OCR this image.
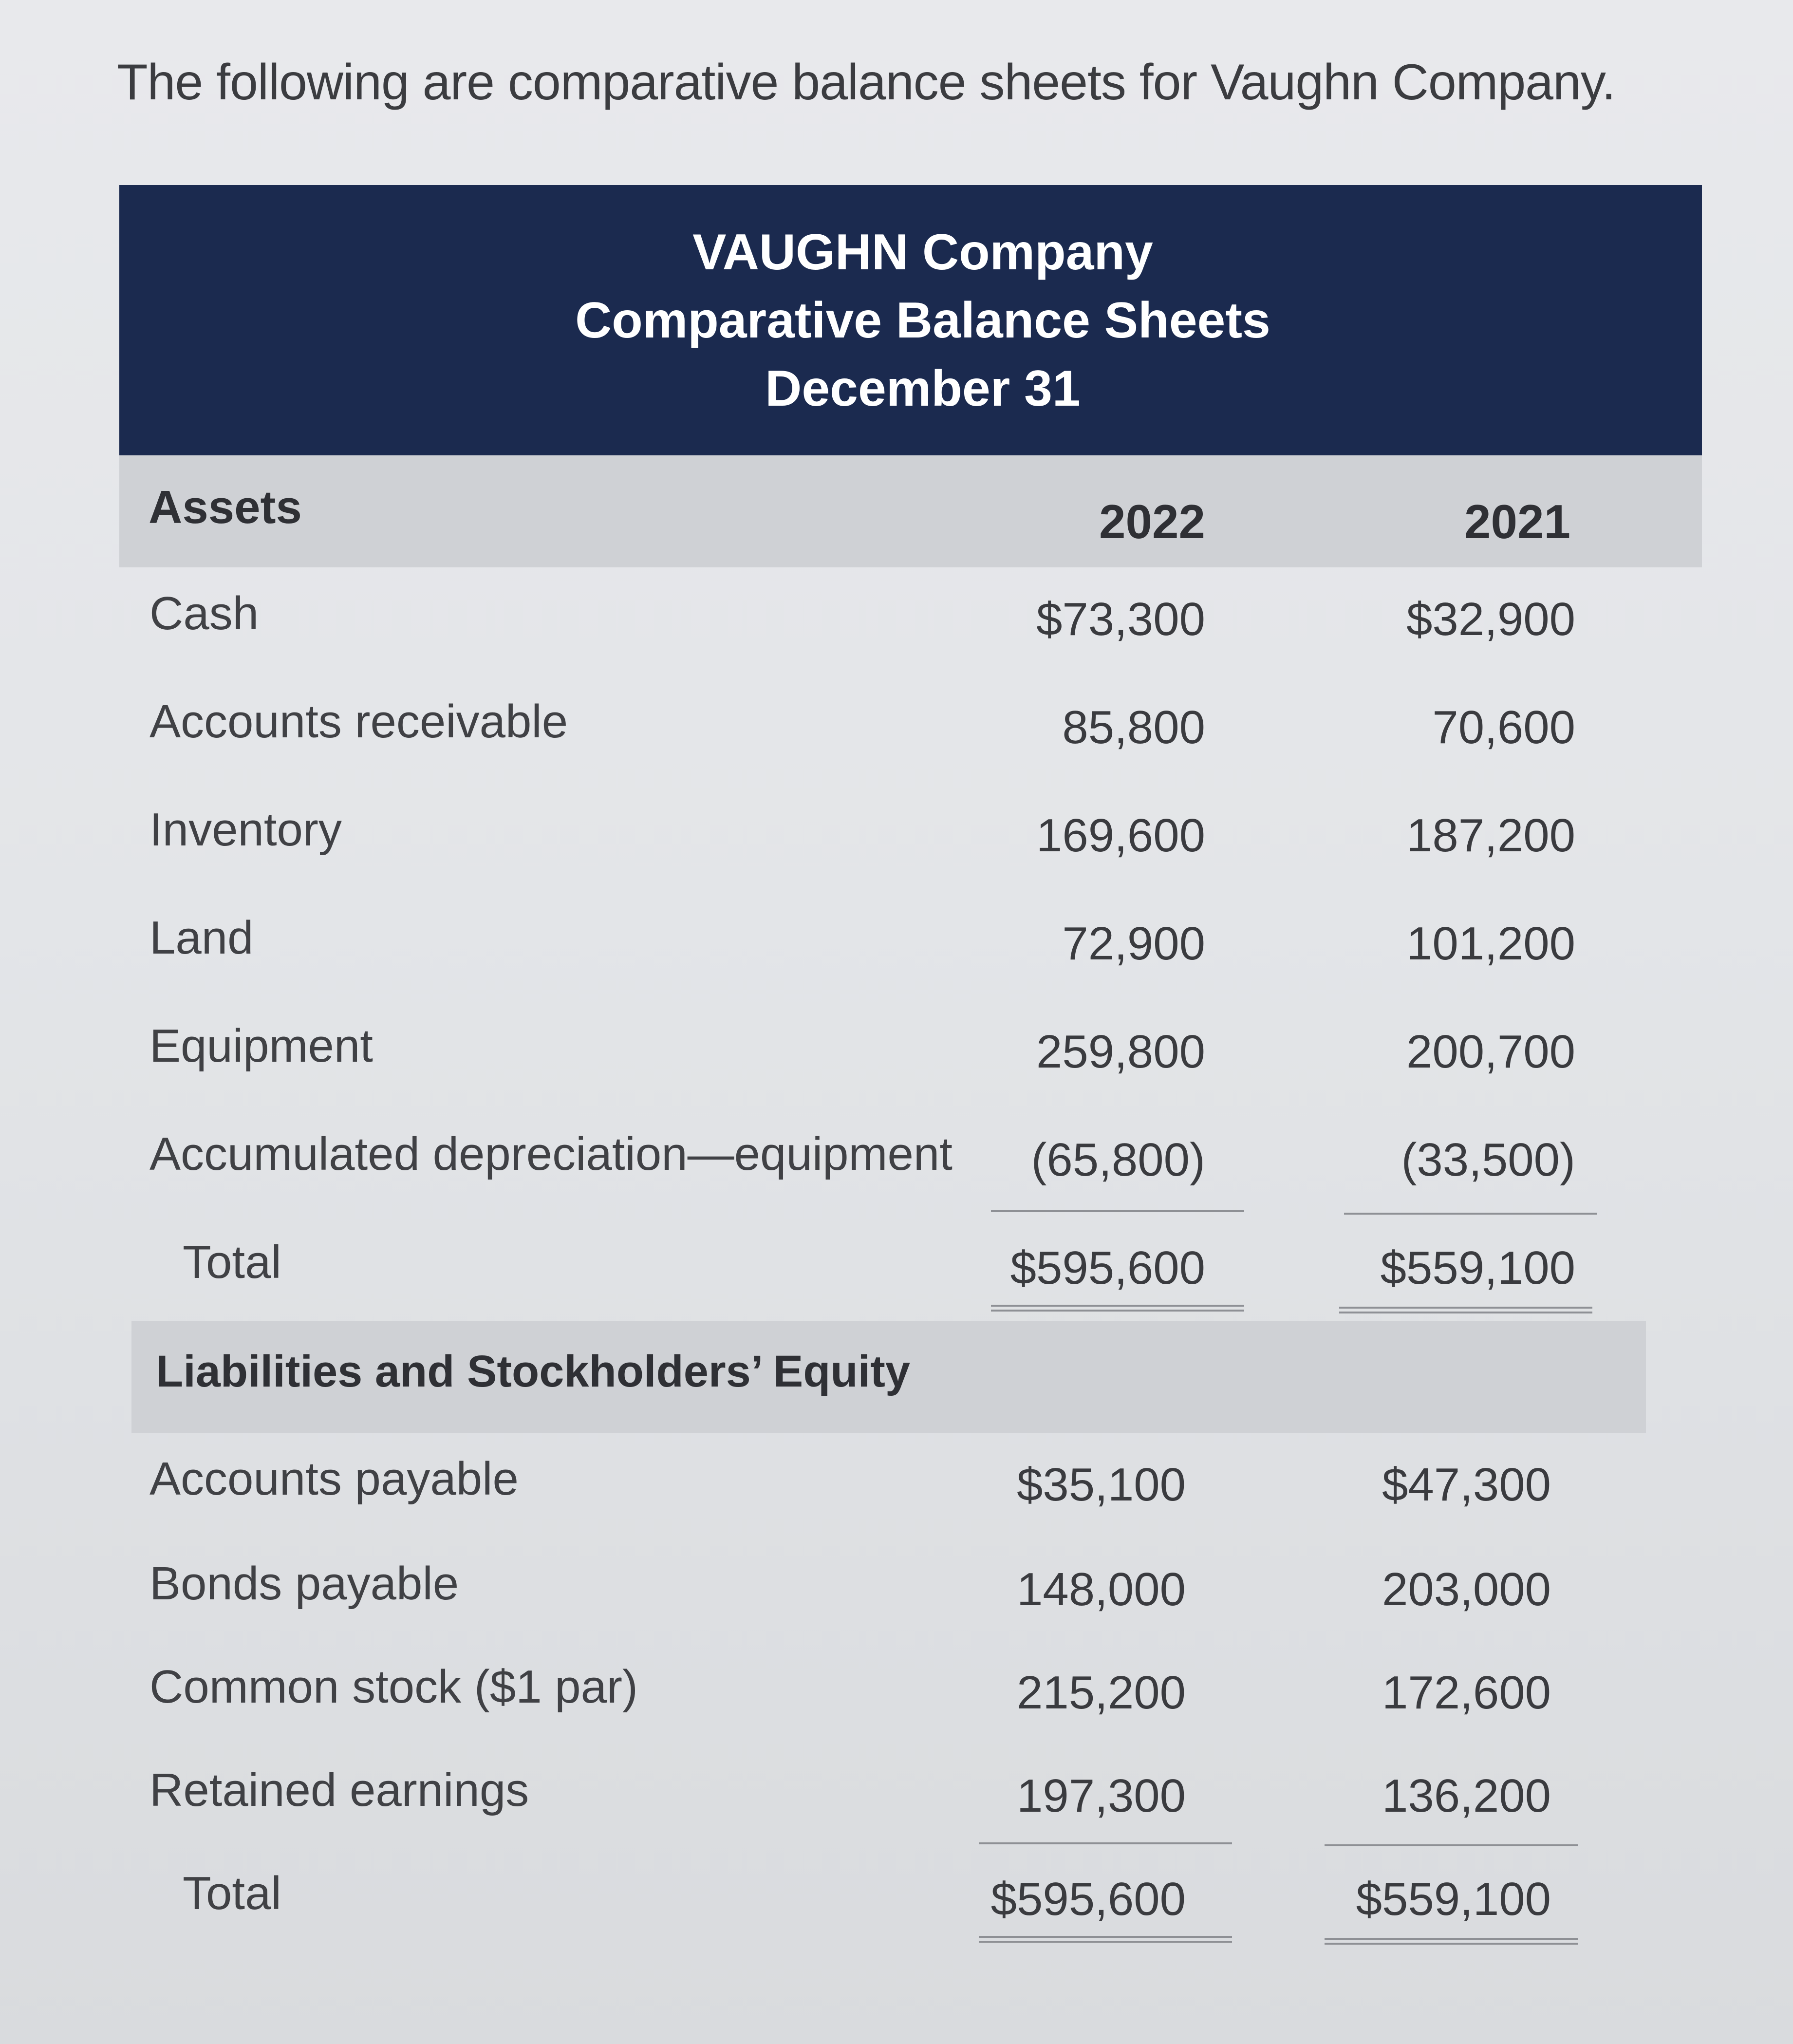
The following are comparative balance sheets for Vaughn Company.
VAUGHN Company
Comparative Balance Sheets
December 31
Assets	2022	2021
Cash	$73,300	$32,900
Accounts receivable	85,800	70,600
Inventory	169,600	187,200
Land	72,900	101,200
Equipment	259,800	200,700
Accumulated depreciation—equipment	(65,800)	(33,500)
Total	$595,600	$559,100
Liabilities and Stockholders’ Equity
Accounts payable	$35,100	$47,300
Bonds payable	148,000	203,000
Common stock ($1 par)	215,200	172,600
Retained earnings	197,300	136,200
Total	$595,600	$559,100
